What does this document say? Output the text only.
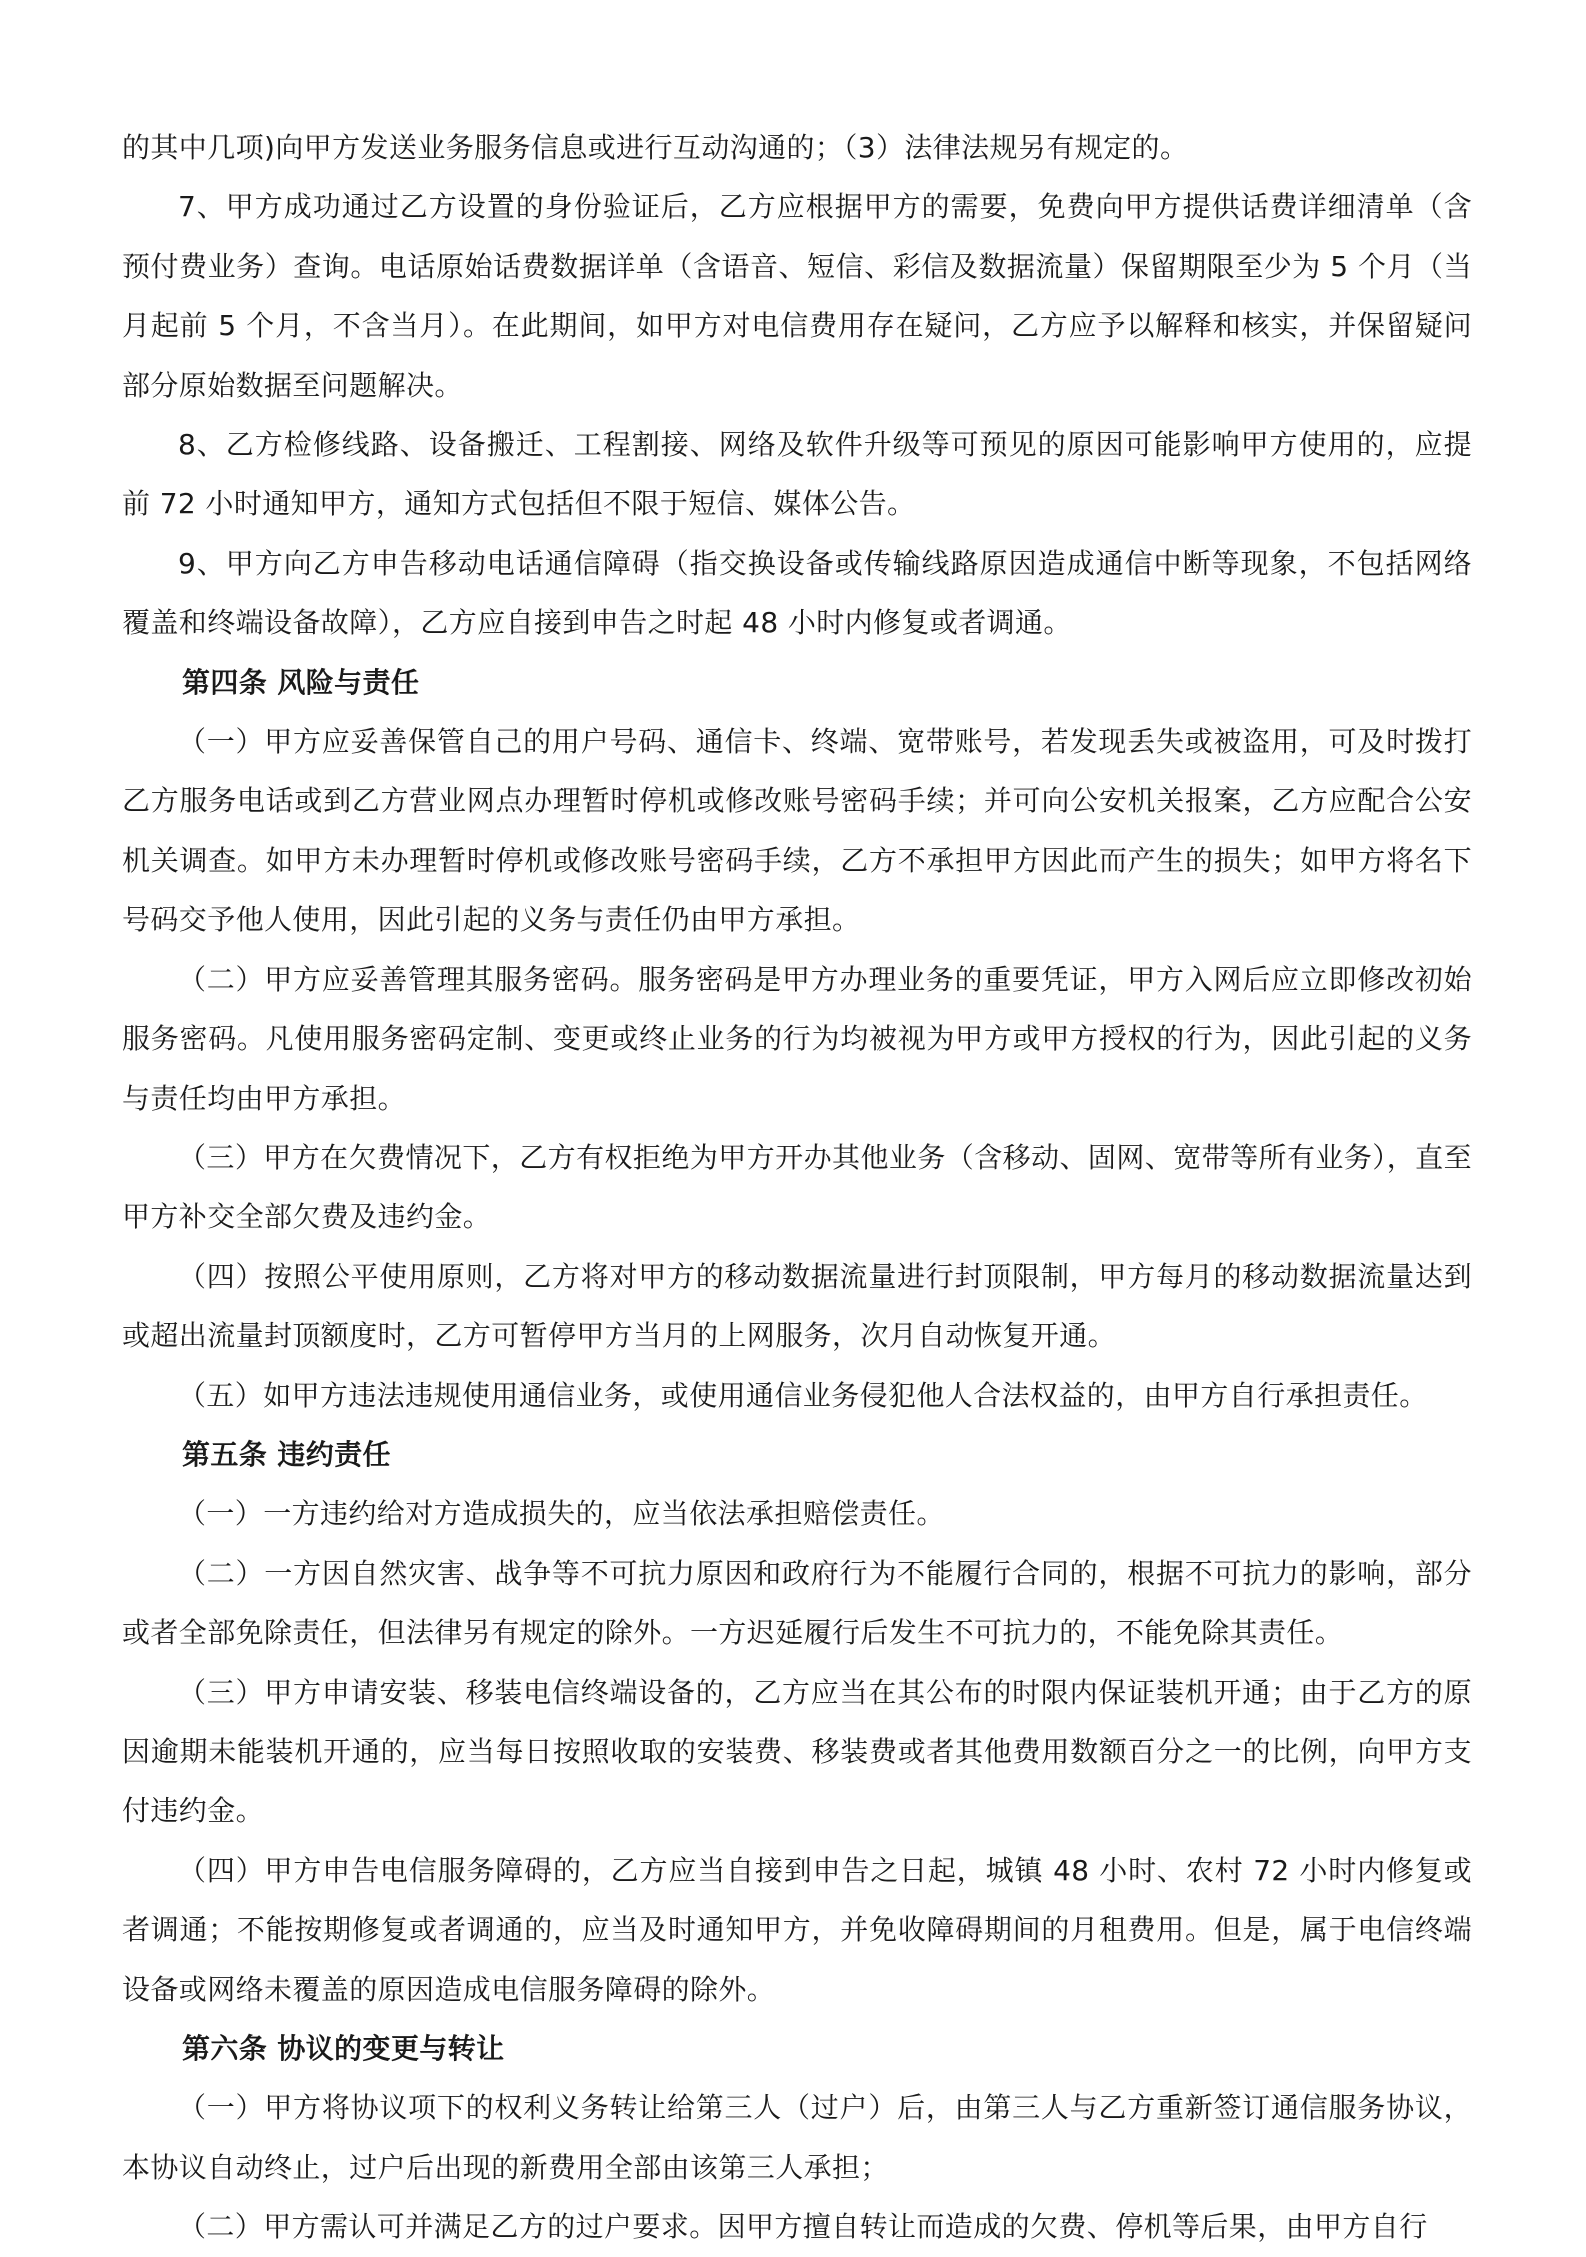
的其中几项)向甲方发送业务服务信息或进行互动沟通的；（3）法律法规另有规定的。

7、甲方成功通过乙方设置的身份验证后，乙方应根据甲方的需要，免费向甲方提供话费详细清单（含预付费业务）查询。电话原始话费数据详单（含语音、短信、彩信及数据流量）保留期限至少为 5 个月（当月起前 5 个月，不含当月）。在此期间，如甲方对电信费用存在疑问，乙方应予以解释和核实，并保留疑问部分原始数据至问题解决。

8、乙方检修线路、设备搬迁、工程割接、网络及软件升级等可预见的原因可能影响甲方使用的，应提前 72 小时通知甲方，通知方式包括但不限于短信、媒体公告。

9、甲方向乙方申告移动电话通信障碍（指交换设备或传输线路原因造成通信中断等现象，不包括网络覆盖和终端设备故障），乙方应自接到申告之时起 48 小时内修复或者调通。

第四条 风险与责任

（一）甲方应妥善保管自己的用户号码、通信卡、终端、宽带账号，若发现丢失或被盗用，可及时拨打乙方服务电话或到乙方营业网点办理暂时停机或修改账号密码手续；并可向公安机关报案，乙方应配合公安机关调查。如甲方未办理暂时停机或修改账号密码手续，乙方不承担甲方因此而产生的损失；如甲方将名下号码交予他人使用，因此引起的义务与责任仍由甲方承担。

（二）甲方应妥善管理其服务密码。服务密码是甲方办理业务的重要凭证，甲方入网后应立即修改初始服务密码。凡使用服务密码定制、变更或终止业务的行为均被视为甲方或甲方授权的行为，因此引起的义务与责任均由甲方承担。

（三）甲方在欠费情况下，乙方有权拒绝为甲方开办其他业务（含移动、固网、宽带等所有业务），直至甲方补交全部欠费及违约金。

（四）按照公平使用原则，乙方将对甲方的移动数据流量进行封顶限制，甲方每月的移动数据流量达到或超出流量封顶额度时，乙方可暂停甲方当月的上网服务，次月自动恢复开通。

（五）如甲方违法违规使用通信业务，或使用通信业务侵犯他人合法权益的，由甲方自行承担责任。

第五条 违约责任

（一）一方违约给对方造成损失的，应当依法承担赔偿责任。

（二）一方因自然灾害、战争等不可抗力原因和政府行为不能履行合同的，根据不可抗力的影响，部分或者全部免除责任，但法律另有规定的除外。一方迟延履行后发生不可抗力的，不能免除其责任。

（三）甲方申请安装、移装电信终端设备的，乙方应当在其公布的时限内保证装机开通；由于乙方的原因逾期未能装机开通的，应当每日按照收取的安装费、移装费或者其他费用数额百分之一的比例，向甲方支付违约金。

（四）甲方申告电信服务障碍的，乙方应当自接到申告之日起，城镇 48 小时、农村 72 小时内修复或者调通；不能按期修复或者调通的，应当及时通知甲方，并免收障碍期间的月租费用。但是，属于电信终端设备或网络未覆盖的原因造成电信服务障碍的除外。

第六条 协议的变更与转让

（一）甲方将协议项下的权利义务转让给第三人（过户）后，由第三人与乙方重新签订通信服务协议，本协议自动终止，过户后出现的新费用全部由该第三人承担；

（二）甲方需认可并满足乙方的过户要求。因甲方擅自转让而造成的欠费、停机等后果，由甲方自行
